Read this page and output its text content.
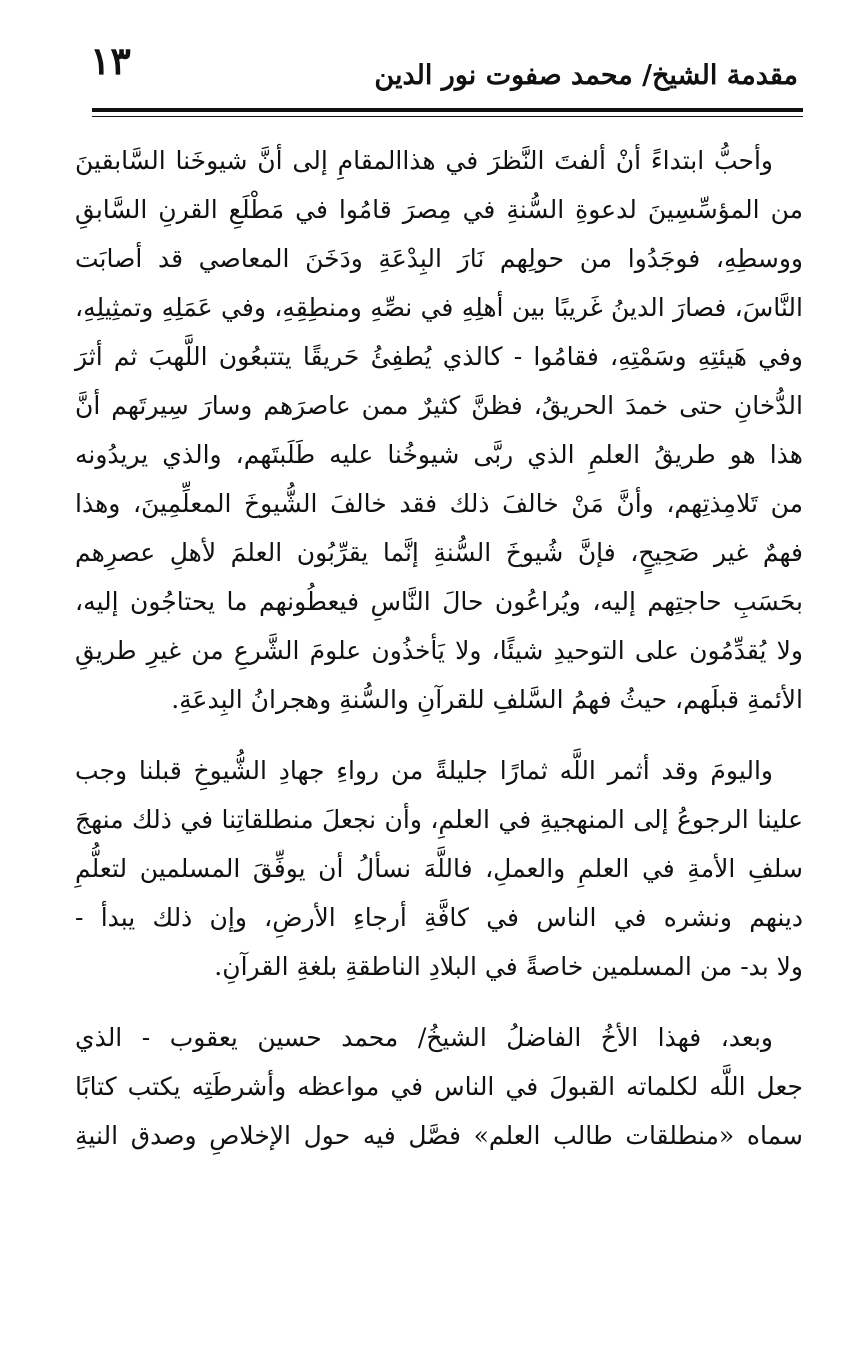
١٣	مقدمة الشيخ/ محمد صفوت نور الدين
وأحبُّ ابتداءً أنْ ألفتَ النَّظرَ في هذاالمقامِ إلى أنَّ شيوخَنا السَّابقينَ
من المؤسِّسِينَ لدعوةِ السُّنةِ في مِصرَ قامُوا في مَطْلَعِ القرنِ السَّابقِ
ووسطِهِ، فوجَدُوا من حولِهم نَارَ البِدْعَةِ ودَخَنَ المعاصي قد أصابَت
النَّاسَ، فصارَ الدينُ غَريبًا بين أهلِهِ في نصِّهِ ومنطِقِهِ، وفي عَمَلِهِ وتمثِيلِهِ،
وفي هَيئتِهِ وسَمْتِهِ، فقامُوا - كالذي يُطفِئُ حَريقًا يتتبعُون اللَّهبَ ثم أثرَ
الدُّخانِ حتى خمدَ الحريقُ، فظنَّ كثيرٌ ممن عاصرَهم وسارَ سِيرتَهم أنَّ
هذا هو طريقُ العلمِ الذي ربَّى شيوخُنا عليه طَلَبتَهم، والذي يريدُونه
من تَلامِذتِهم، وأنَّ مَنْ خالفَ ذلك فقد خالفَ الشُّيوخَ المعلِّمِينَ، وهذا
فهمٌ غير صَحِيحٍ، فإنَّ شُيوخَ السُّنةِ إنَّما يقرِّبُون العلمَ لأهلِ عصرِهم
بحَسَبِ حاجتِهم إليه، ويُراعُون حالَ النَّاسِ فيعطُونهم ما يحتاجُون إليه،
ولا يُقدِّمُون على التوحيدِ شيئًا، ولا يَأخذُون علومَ الشَّرعِ من غيرِ طريقِ
الأئمةِ قبلَهم، حيثُ فهمُ السَّلفِ للقرآنِ والسُّنةِ وهجرانُ البِدعَةِ.
واليومَ وقد أثمر اللَّه ثمارًا جليلةً من رواءِ جهادِ الشُّيوخِ قبلنا وجب
علينا الرجوعُ إلى المنهجيةِ في العلمِ، وأن نجعلَ منطلقاتِنا في ذلك منهجَ
سلفِ الأمةِ في العلمِ والعملِ، فاللَّهَ نسألُ أن يوفِّقَ المسلمين لتعلُّمِ
دينهم ونشره في الناس في كافَّةِ أرجاءِ الأرضِ، وإن ذلك يبدأ -
ولا بد- من المسلمين خاصةً في البلادِ الناطقةِ بلغةِ القرآنِ.
وبعد، فهذا الأخُ الفاضلُ الشيخُ/ محمد حسين يعقوب - الذي
جعل اللَّه لكلماته القبولَ في الناس في مواعظه وأشرطَتِه يكتب كتابًا
سماه «منطلقات طالب العلم» فصَّل فيه حول الإخلاصِ وصدق النيةِ
